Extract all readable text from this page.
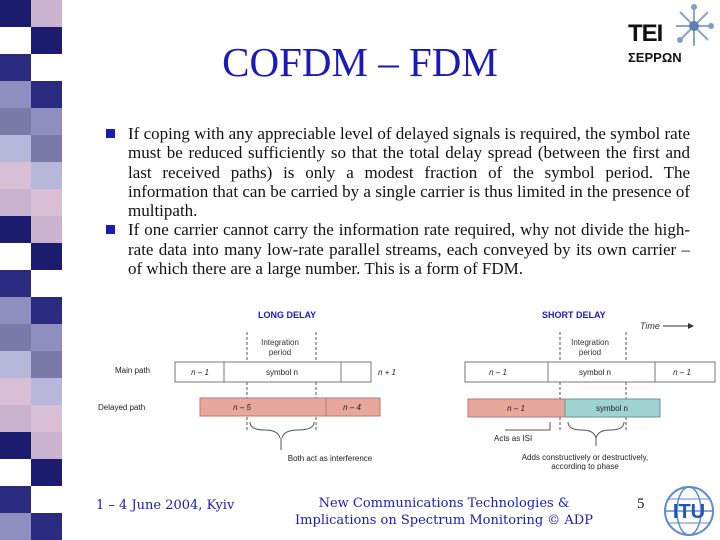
COFDM – FDM
TEI
ΣΕΡΡΩΝ
If coping with any appreciable level of delayed signals is required, the symbol rate must be reduced sufficiently so that the total delay spread (between the first and last received paths) is only a modest fraction of the symbol period. The information that can be carried by a single carrier is thus limited in the presence of multipath.
If one carrier cannot carry the information rate required, why not divide the high-rate data into many low-rate parallel streams, each conveyed by its own carrier – of which there are a large number. This is a form of FDM.
LONG DELAY	SHORT DELAY
Time
Main path
Delayed path
Integration
period
n – 1	symbol n	n + 1
n – 5	n – 4
Both act as interference
Integration
period
n – 1	symbol n	n – 1
n – 1	symbol n
Acts as ISI
Adds constructively or destructively,
according to phase
1 – 4 June 2004, Kyiv	New Communications Technologies &
Implications on Spectrum Monitoring © ADP
5 ITU
